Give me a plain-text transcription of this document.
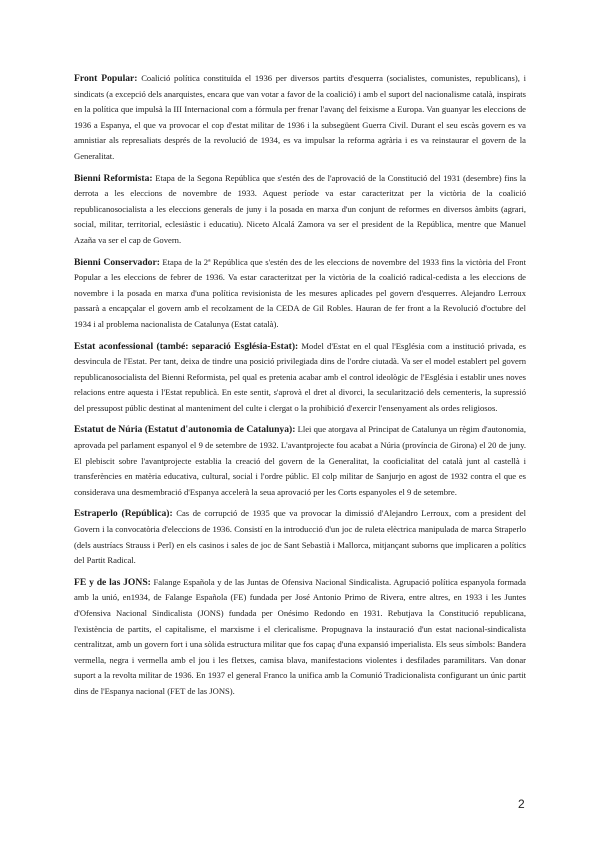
Front Popular: Coalició política constituïda el 1936 per diversos partits d'esquerra (socialistes, comunistes, republicans), i sindicats (a excepció dels anarquistes, encara que van votar a favor de la coalició) i amb el suport del nacionalisme català, inspirats en la política que impulsà la III Internacional com a fórmula per frenar l'avanç del feixisme a Europa. Van guanyar les eleccions de 1936 a Espanya, el que va provocar el cop d'estat militar de 1936 i la subsegüent Guerra Civil. Durant el seu escàs govern es va amnistiar als represaliats després de la revolució de 1934, es va impulsar la reforma agrària i es va reinstaurar el govern de la Generalitat.

Bienni Reformista: Etapa de la Segona República que s'estén des de l'aprovació de la Constitució del 1931 (desembre) fins la derrota a les eleccions de novembre de 1933. Aquest període va estar caracteritzat per la victòria de la coalició republicanosocialista a les eleccions generals de juny i la posada en marxa d'un conjunt de reformes en diversos àmbits (agrari, social, militar, territorial, eclesiàstic i educatiu). Niceto Alcalá Zamora va ser el president de la República, mentre que Manuel Azaña va ser el cap de Govern.

Bienni Conservador: Etapa de la 2ª República que s'estén des de les eleccions de novembre del 1933 fins la victòria del Front Popular a les eleccions de febrer de 1936. Va estar caracteritzat per la victòria de la coalició radical-cedista a les eleccions de novembre i la posada en marxa d'una política revisionista de les mesures aplicades pel govern d'esquerres. Alejandro Lerroux passarà a encapçalar el govern amb el recolzament de la CEDA de Gil Robles. Hauran de fer front a la Revolució d'octubre del 1934 i al problema nacionalista de Catalunya (Estat català).

Estat aconfessional (també: separació Església-Estat): Model d'Estat en el qual l'Església com a institució privada, es desvincula de l'Estat. Per tant, deixa de tindre una posició privilegiada dins de l'ordre ciutadà. Va ser el model establert pel govern republicanosocialista del Bienni Reformista, pel qual es pretenia acabar amb el control ideològic de l'Església i establir unes noves relacions entre aquesta i l'Estat republicà. En este sentit, s'aprovà el dret al divorci, la secularització dels cementeris, la supressió del pressupost públic destinat al manteniment del culte i clergat o la prohibició d'exercir l'ensenyament als ordes religiosos.

Estatut de Núria (Estatut d'autonomia de Catalunya): Llei que atorgava al Principat de Catalunya un règim d'autonomia, aprovada pel parlament espanyol el 9 de setembre de 1932. L'avantprojecte fou acabat a Núria (província de Girona) el 20 de juny. El plebiscit sobre l'avantprojecte establia la creació del govern de la Generalitat, la cooficialitat del català junt al castellà i transferències en matèria educativa, cultural, social i l'ordre públic. El colp militar de Sanjurjo en agost de 1932 contra el que es considerava una desmembració d'Espanya accelerà la seua aprovació per les Corts espanyoles el 9 de setembre.

Estraperlo (República): Cas de corrupció de 1935 que va provocar la dimissió d'Alejandro Lerroux, com a president del Govern i la convocatòria d'eleccions de 1936. Consistí en la introducció d'un joc de ruleta elèctrica manipulada de marca Straperlo (dels austríacs Strauss i Perl) en els casinos i sales de joc de Sant Sebastià i Mallorca, mitjançant suborns que implicaren a polítics del Partit Radical.

FE y de las JONS: Falange Española y de las Juntas de Ofensiva Nacional Sindicalista. Agrupació política espanyola formada amb la unió, en1934, de Falange Española (FE) fundada per José Antonio Primo de Rivera, entre altres, en 1933 i les Juntes d'Ofensiva Nacional Sindicalista (JONS) fundada per Onésimo Redondo en 1931. Rebutjava la Constitució republicana, l'existència de partits, el capitalisme, el marxisme i el clericalisme. Propugnava la instauració d'un estat nacional-sindicalista centralitzat, amb un govern fort i una sòlida estructura militar que fos capaç d'una expansió imperialista. Els seus símbols: Bandera vermella, negra i vermella amb el jou i les fletxes, camisa blava, manifestacions violentes i desfilades paramilitars. Van donar suport a la revolta militar de 1936. En 1937 el general Franco la unifica amb la Comunió Tradicionalista configurant un únic partit dins de l'Espanya nacional (FET de las JONS).

2
